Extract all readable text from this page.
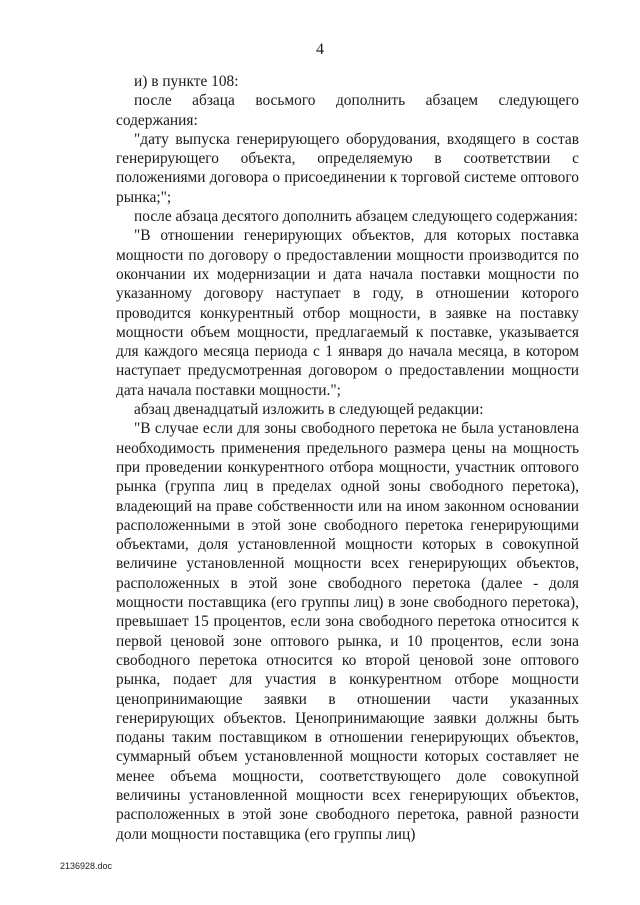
4

и) в пункте 108:

после абзаца восьмого дополнить абзацем следующего содержания:

"дату выпуска генерирующего оборудования, входящего в состав генерирующего объекта, определяемую в соответствии с положениями договора о присоединении к торговой системе оптового рынка;";

после абзаца десятого дополнить абзацем следующего содержания:

"В отношении генерирующих объектов, для которых поставка мощности по договору о предоставлении мощности производится по окончании их модернизации и дата начала поставки мощности по указанному договору наступает в году, в отношении которого проводится конкурентный отбор мощности, в заявке на поставку мощности объем мощности, предлагаемый к поставке, указывается для каждого месяца периода с 1 января до начала месяца, в котором наступает предусмотренная договором о предоставлении мощности дата начала поставки мощности.";

абзац двенадцатый изложить в следующей редакции:

"В случае если для зоны свободного перетока не была установлена необходимость применения предельного размера цены на мощность при проведении конкурентного отбора мощности, участник оптового рынка (группа лиц в пределах одной зоны свободного перетока), владеющий на праве собственности или на ином законном основании расположенными в этой зоне свободного перетока генерирующими объектами, доля установленной мощности которых в совокупной величине установленной мощности всех генерирующих объектов, расположенных в этой зоне свободного перетока (далее - доля мощности поставщика (его группы лиц) в зоне свободного перетока), превышает 15 процентов, если зона свободного перетока относится к первой ценовой зоне оптового рынка, и 10 процентов, если зона свободного перетока относится ко второй ценовой зоне оптового рынка, подает для участия в конкурентном отборе мощности ценопринимающие заявки в отношении части указанных генерирующих объектов. Ценопринимающие заявки должны быть поданы таким поставщиком в отношении генерирующих объектов, суммарный объем установленной мощности которых составляет не менее объема мощности, соответствующего доле совокупной величины установленной мощности всех генерирующих объектов, расположенных в этой зоне свободного перетока, равной разности доли мощности поставщика (его группы лиц)

2136928.doc
